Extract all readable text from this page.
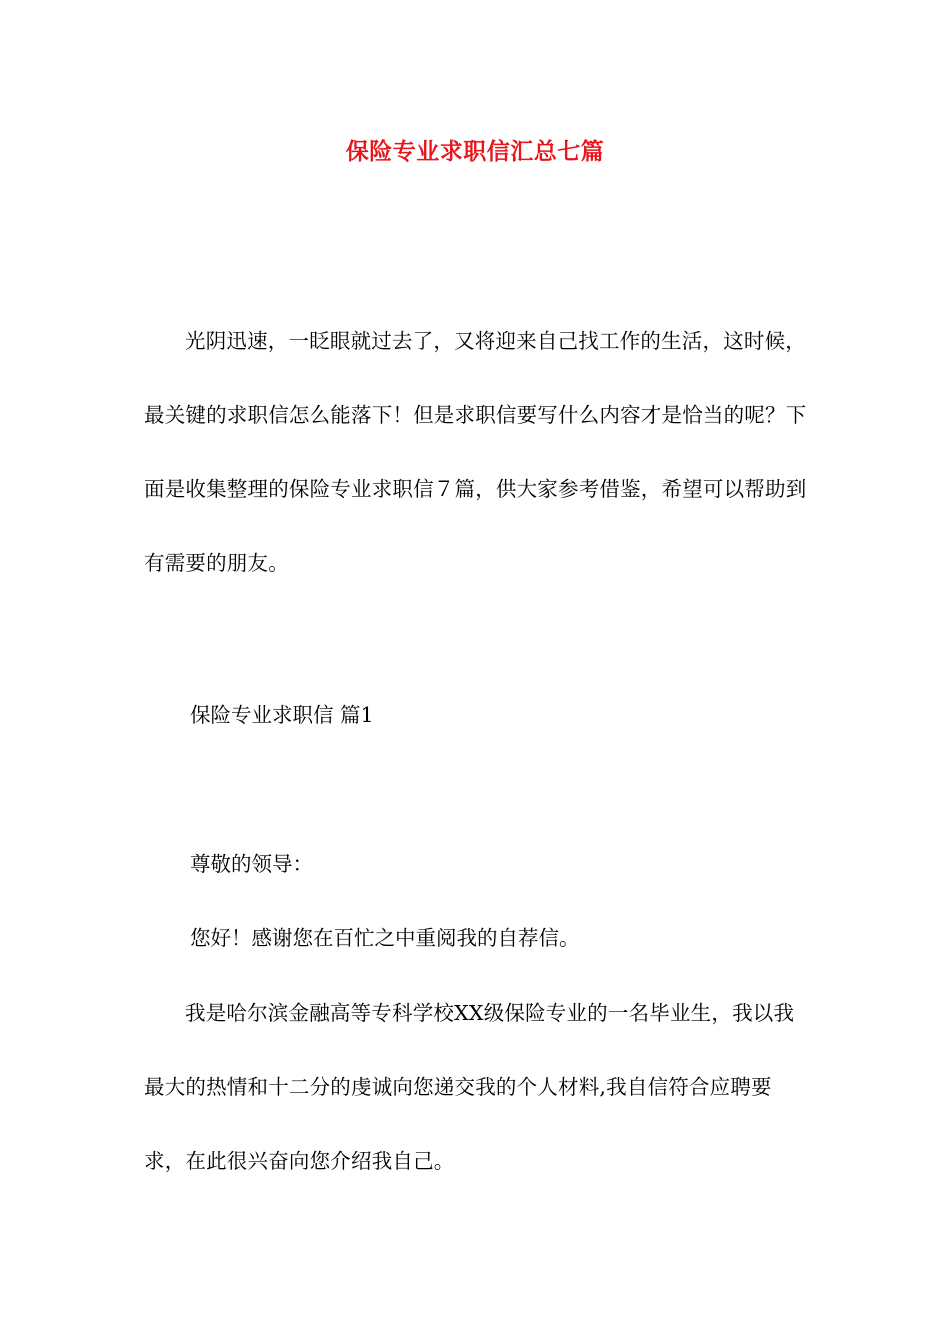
保险专业求职信汇总七篇

光阴迅速，一眨眼就过去了，又将迎来自己找工作的生活，这时候，最关键的求职信怎么能落下！但是求职信要写什么内容才是恰当的呢？下面是收集整理的保险专业求职信７篇，供大家参考借鉴，希望可以帮助到有需要的朋友。

保险专业求职信 篇1

尊敬的领导：

您好！感谢您在百忙之中重阅我的自荐信。

我是哈尔滨金融高等专科学校XX级保险专业的一名毕业生，我以我最大的热情和十二分的虔诚向您递交我的个人材料,我自信符合应聘要求，在此很兴奋向您介绍我自己。
